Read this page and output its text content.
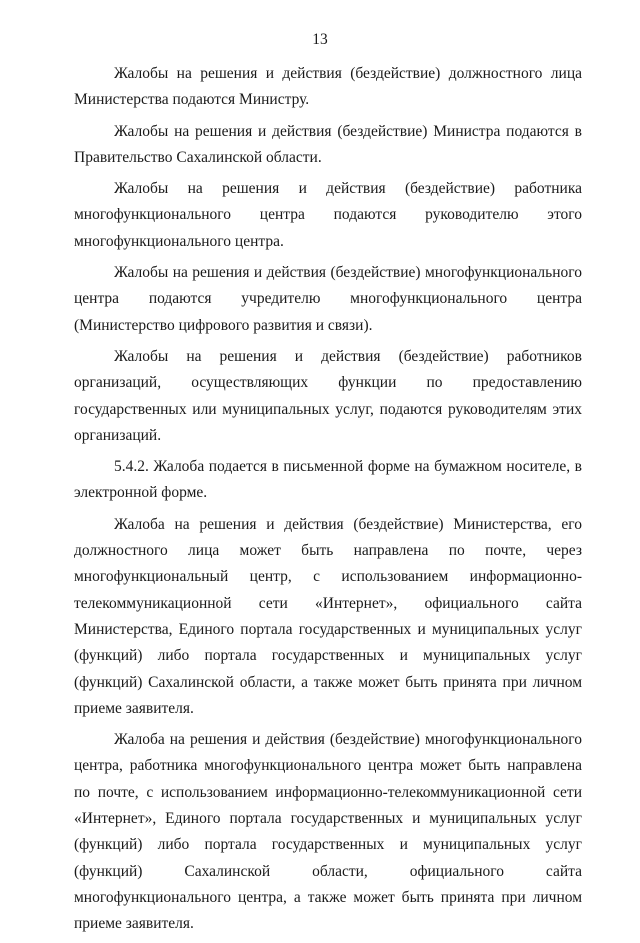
13

Жалобы на решения и действия (бездействие) должностного лица Министерства подаются Министру.

Жалобы на решения и действия (бездействие) Министра подаются в Правительство Сахалинской области.

Жалобы на решения и действия (бездействие) работника многофункционального центра подаются руководителю этого многофункционального центра.

Жалобы на решения и действия (бездействие) многофункционального центра подаются учредителю многофункционального центра (Министерство цифрового развития и связи).

Жалобы на решения и действия (бездействие) работников организаций, осуществляющих функции по предоставлению государственных или муниципальных услуг, подаются руководителям этих организаций.

5.4.2. Жалоба подается в письменной форме на бумажном носителе, в электронной форме.

Жалоба на решения и действия (бездействие) Министерства, его должностного лица может быть направлена по почте, через многофункциональный центр, с использованием информационно-телекоммуникационной сети «Интернет», официального сайта Министерства, Единого портала государственных и муниципальных услуг (функций) либо портала государственных и муниципальных услуг (функций) Сахалинской области, а также может быть принята при личном приеме заявителя.

Жалоба на решения и действия (бездействие) многофункционального центра, работника многофункционального центра может быть направлена по почте, с использованием информационно-телекоммуникационной сети «Интернет», Единого портала государственных и муниципальных услуг (функций) либо портала государственных и муниципальных услуг (функций) Сахалинской области, официального сайта многофункционального центра, а также может быть принята при личном приеме заявителя.
